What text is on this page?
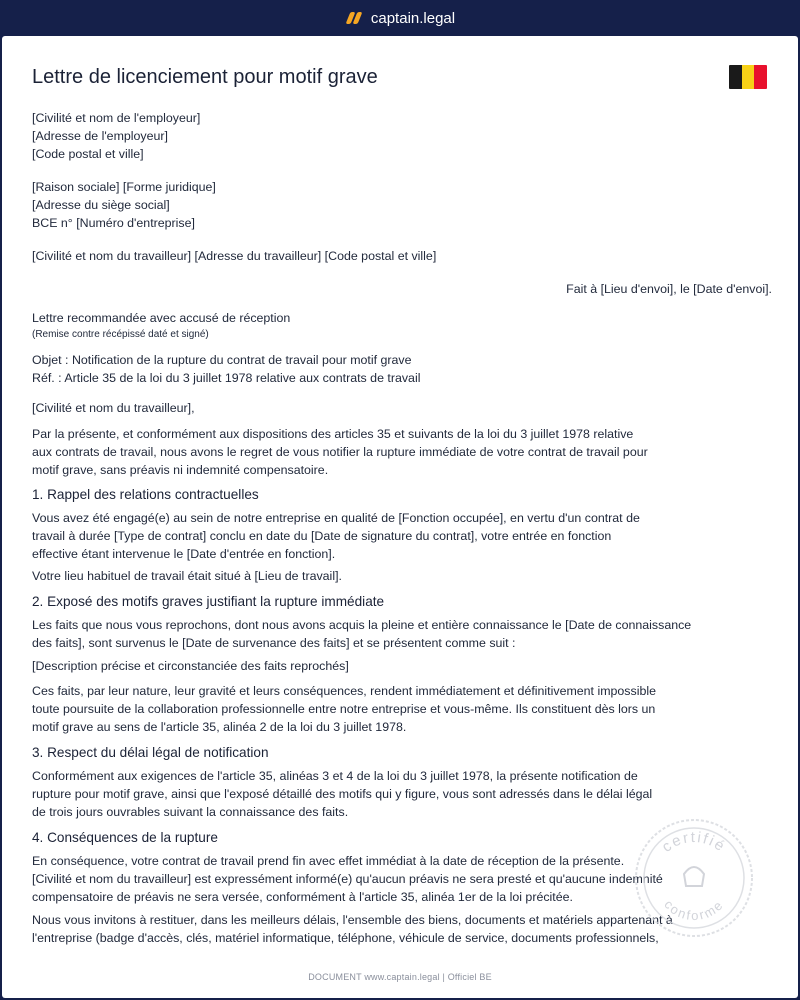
captain.legal
Lettre de licenciement pour motif grave

[Civilité et nom de l'employeur]

[Adresse de l'employeur]

[Code postal et ville]

[Raison sociale] [Forme juridique]

[Adresse du siège social]

BCE n° [Numéro d'entreprise]

[Civilité et nom du travailleur] [Adresse du travailleur] [Code postal et ville]

Fait à [Lieu d'envoi], le [Date d'envoi].

Lettre recommandée avec accusé de réception

(Remise contre récépissé daté et signé)

Objet : Notification de la rupture du contrat de travail pour motif grave

Réf. : Article 35 de la loi du 3 juillet 1978 relative aux contrats de travail

[Civilité et nom du travailleur],

Par la présente, et conformément aux dispositions des articles 35 et suivants de la loi du 3 juillet 1978 relative

aux contrats de travail, nous avons le regret de vous notifier la rupture immédiate de votre contrat de travail pour

motif grave, sans préavis ni indemnité compensatoire.

1. Rappel des relations contractuelles

Vous avez été engagé(e) au sein de notre entreprise en qualité de [Fonction occupée], en vertu d'un contrat de

travail à durée [Type de contrat] conclu en date du [Date de signature du contrat], votre entrée en fonction

effective étant intervenue le [Date d'entrée en fonction].

Votre lieu habituel de travail était situé à [Lieu de travail].

2. Exposé des motifs graves justifiant la rupture immédiate

Les faits que nous vous reprochons, dont nous avons acquis la pleine et entière connaissance le [Date de connaissance

des faits], sont survenus le [Date de survenance des faits] et se présentent comme suit :

[Description précise et circonstanciée des faits reprochés]

Ces faits, par leur nature, leur gravité et leurs conséquences, rendent immédiatement et définitivement impossible

toute poursuite de la collaboration professionnelle entre notre entreprise et vous-même. Ils constituent dès lors un

motif grave au sens de l'article 35, alinéa 2 de la loi du 3 juillet 1978.

3. Respect du délai légal de notification

Conformément aux exigences de l'article 35, alinéas 3 et 4 de la loi du 3 juillet 1978, la présente notification de

rupture pour motif grave, ainsi que l'exposé détaillé des motifs qui y figure, vous sont adressés dans le délai légal

de trois jours ouvrables suivant la connaissance des faits.

4. Conséquences de la rupture

En conséquence, votre contrat de travail prend fin avec effet immédiat à la date de réception de la présente.

[Civilité et nom du travailleur] est expressément informé(e) qu'aucun préavis ne sera presté et qu'aucune indemnité

compensatoire de préavis ne sera versée, conformément à l'article 35, alinéa 1er de la loi précitée.

Nous vous invitons à restituer, dans les meilleurs délais, l'ensemble des biens, documents et matériels appartenant à

l'entreprise (badge d'accès, clés, matériel informatique, téléphone, véhicule de service, documents professionnels,

certifié
conforme
DOCUMENT www.captain.legal | Officiel BE
